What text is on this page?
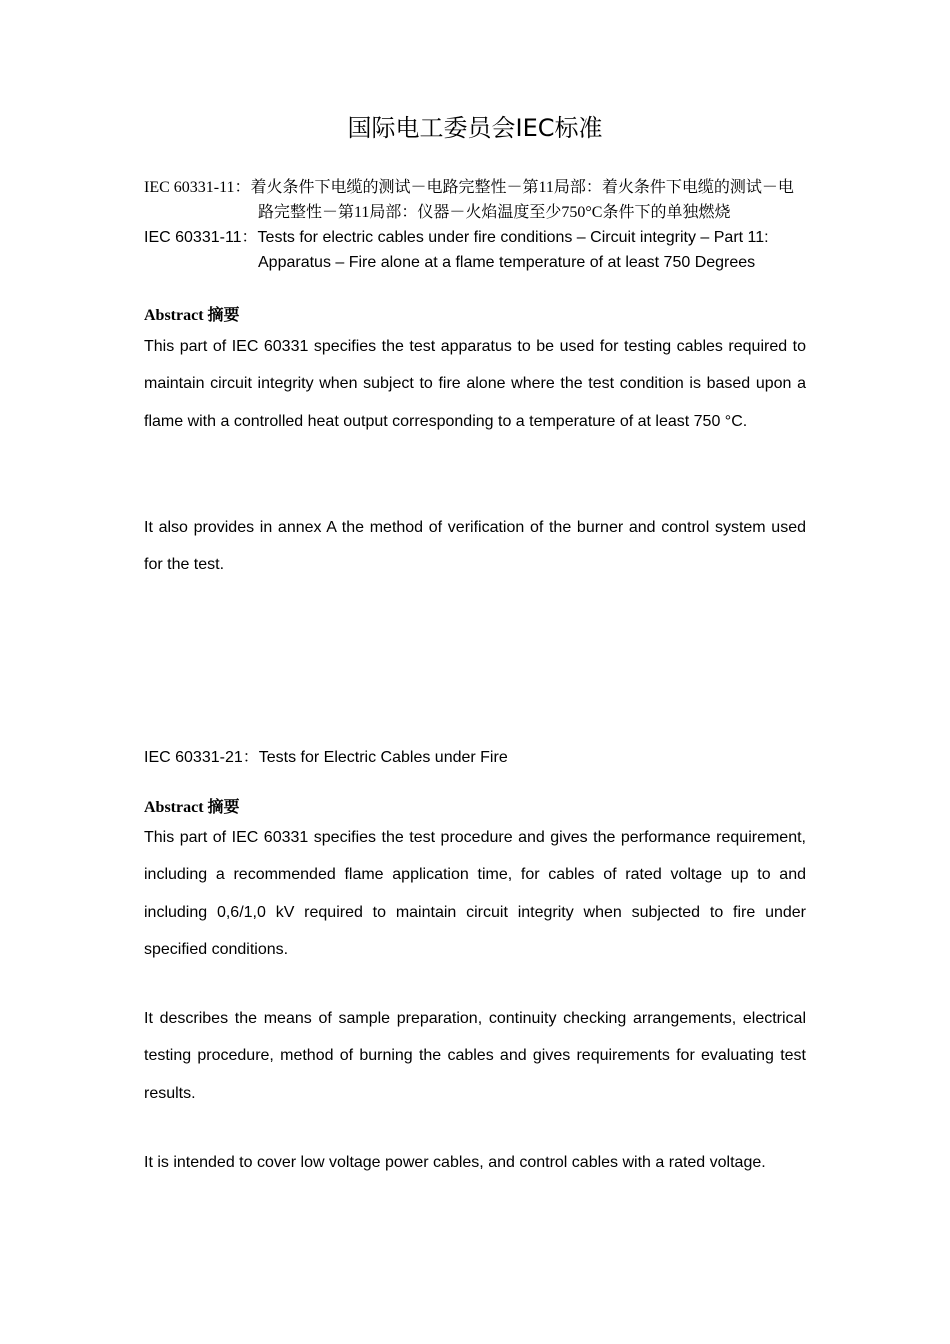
国际电工委员会IEC标准
IEC 60331-11：着火条件下电缆的测试－电路完整性－第11局部：着火条件下电缆的测试－电路完整性－第11局部：仪器－火焰温度至少750°C条件下的单独燃烧
IEC 60331-11：Tests for electric cables under fire conditions – Circuit integrity – Part 11: Apparatus – Fire alone at a flame temperature of at least 750 Degrees
Abstract 摘要

This part of IEC 60331 specifies the test apparatus to be used for testing cables required to maintain circuit integrity when subject to fire alone where the test condition is based upon a flame with a controlled heat output corresponding to a temperature of at least 750 °C.

It also provides in annex A the method of verification of the burner and control system used for the test.

IEC 60331-21：Tests for Electric Cables under Fire
Abstract 摘要

This part of IEC 60331 specifies the test procedure and gives the performance requirement, including a recommended flame application time, for cables of rated voltage up to and including 0,6/1,0 kV required to maintain circuit integrity when subjected to fire under specified conditions.

It describes the means of sample preparation, continuity checking arrangements, electrical testing procedure, method of burning the cables and gives requirements for evaluating test results.

It is intended to cover low voltage power cables, and control cables with a rated voltage.
